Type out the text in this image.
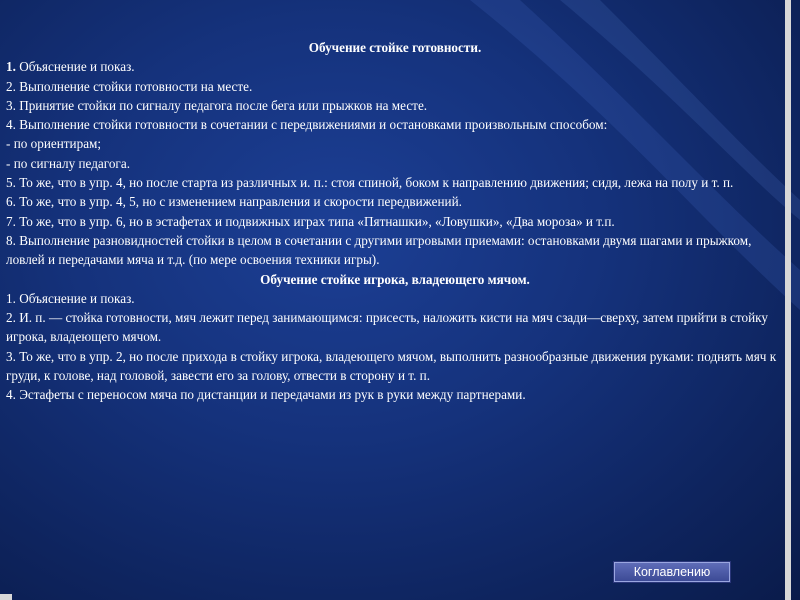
Обучение стойке готовности.

1. Объяснение и показ.

2. Выполнение стойки готовности на месте.

3. Принятие стойки по сигналу педагога после бега или прыжков на месте.

4. Выполнение стойки готовности в сочетании с передвижениями и остановками произвольным способом:

- по ориентирам;

- по сигналу педагога.

5. То же, что в упр. 4, но после старта из различных и. п.: стоя спиной, боком к направлению движения; сидя, лежа на полу и т. п.

6. То же, что в упр. 4, 5, но с изменением направления и скорости передвижений.

7. То же, что в упр. 6, но в эстафетах и подвижных играх типа «Пятнашки», «Ловушки», «Два мороза» и т.п.

8. Выполнение разновидностей стойки в целом в сочетании с другими игровыми приемами: остановками двумя шагами и прыжком, ловлей и передачами мяча и т.д. (по мере освоения техники игры).

Обучение стойке игрока, владеющего мячом.

1. Объяснение и показ.

2. И. п. — стойка готовности, мяч лежит перед занимающимся: присесть, наложить кисти на мяч сзади—сверху, затем прийти в стойку игрока, владеющего мячом.

3. То же, что в упр. 2, но после прихода в стойку игрока, владеющего мячом, выполнить разнообразные движения руками: поднять мяч к груди, к голове, над головой, завести его за голову, отвести в сторону и т. п.

4. Эстафеты с переносом мяча по дистанции и передачами из рук в руки между партнерами.

Коглавлению
